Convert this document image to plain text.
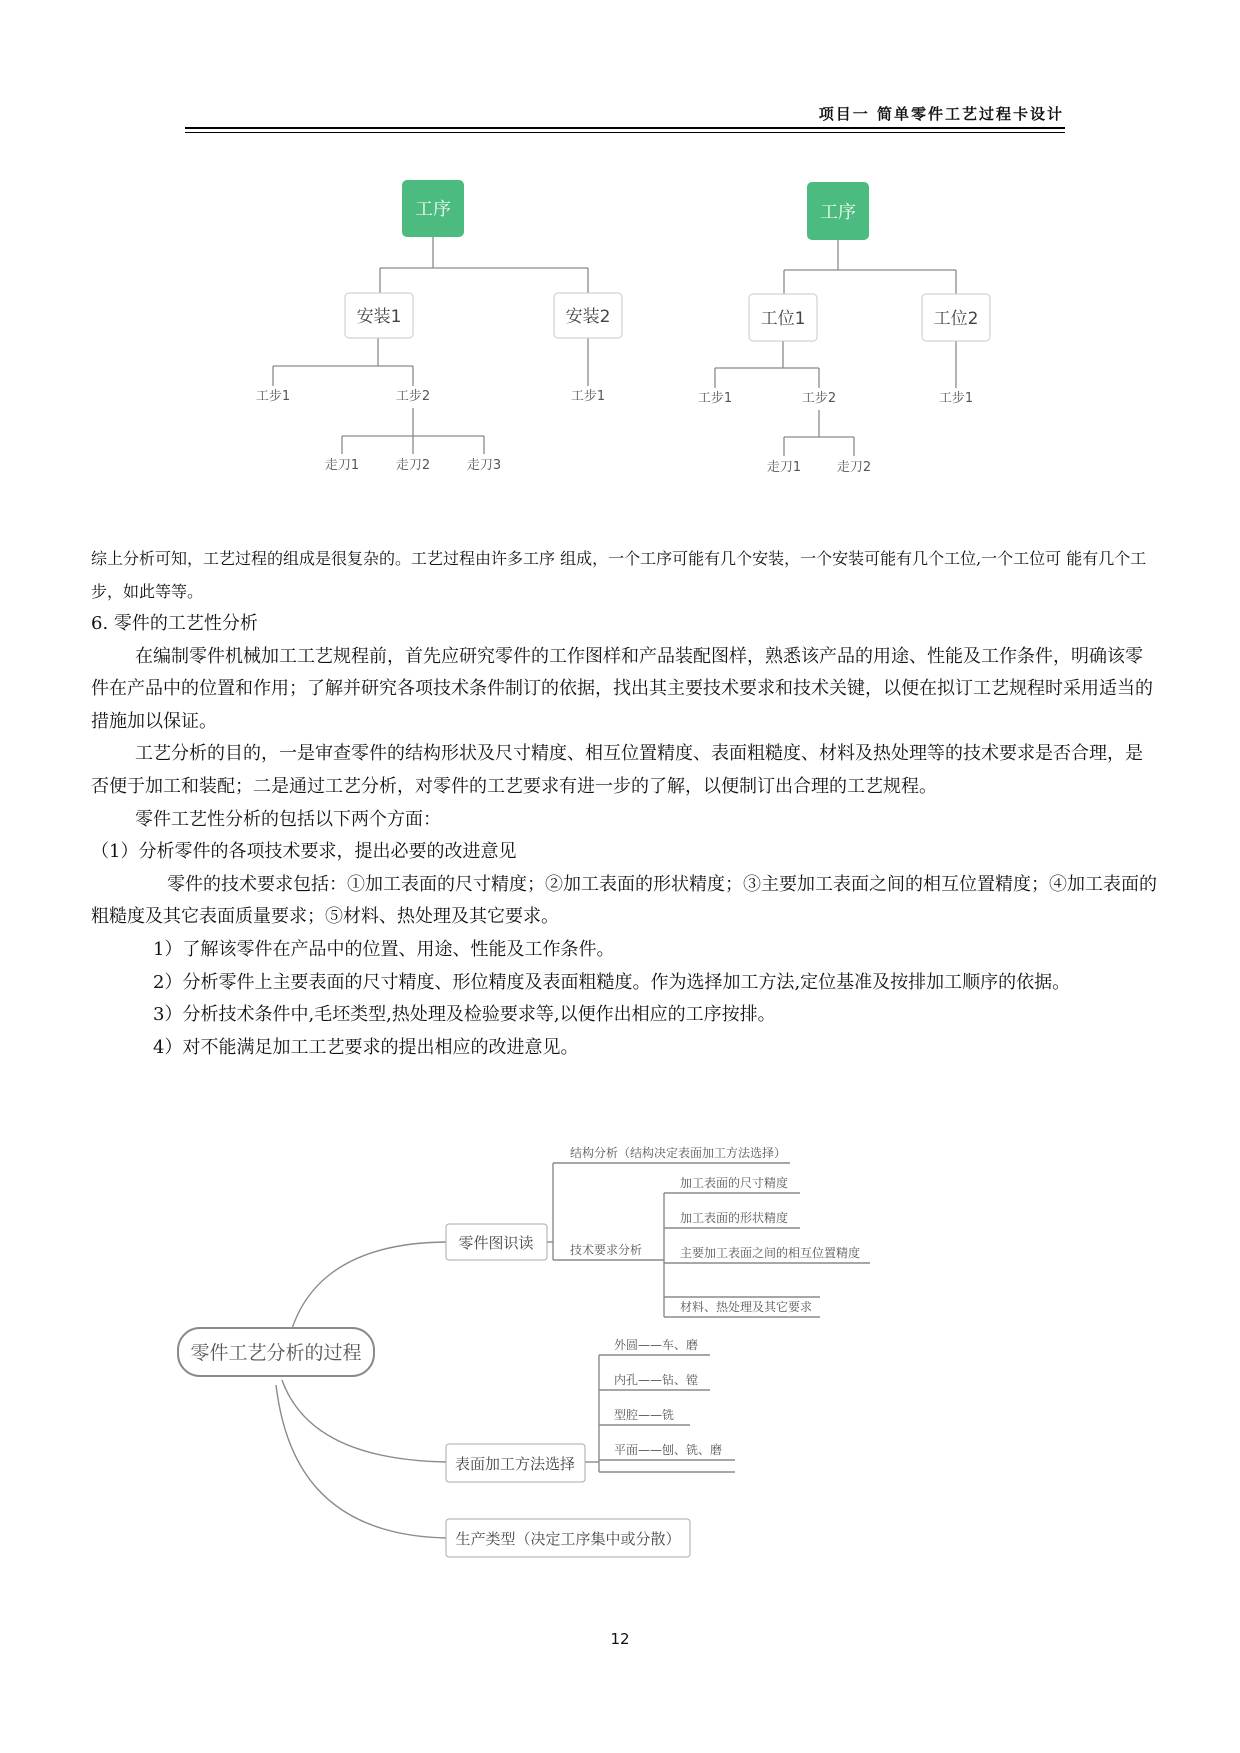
项目一 简单零件工艺过程卡设计
工序
安装1	安装2
工步1	工步2	工步1
走刀1	走刀2	走刀3
工序
工位1	工位2
工步1	工步2	工步1
走刀1	走刀2
综上分析可知，工艺过程的组成是很复杂的。工艺过程由许多工序 组成，一个工序可能有几个安装，一个安装可能有几个工位,一个工位可 能有几个工步，如此等等。

6. 零件的工艺性分析

在编制零件机械加工工艺规程前，首先应研究零件的工作图样和产品装配图样，熟悉该产品的用途、性能及工作条件，明确该零件在产品中的位置和作用；了解并研究各项技术条件制订的依据，找出其主要技术要求和技术关键，以便在拟订工艺规程时采用适当的措施加以保证。

工艺分析的目的，一是审查零件的结构形状及尺寸精度、相互位置精度、表面粗糙度、材料及热处理等的技术要求是否合理，是否便于加工和装配；二是通过工艺分析，对零件的工艺要求有进一步的了解，以便制订出合理的工艺规程。

零件工艺性分析的包括以下两个方面：

（1）分析零件的各项技术要求，提出必要的改进意见

零件的技术要求包括：①加工表面的尺寸精度；②加工表面的形状精度；③主要加工表面之间的相互位置精度；④加工表面的粗糙度及其它表面质量要求；⑤材料、热处理及其它要求。

1）了解该零件在产品中的位置、用途、性能及工作条件。

2）分析零件上主要表面的尺寸精度、形位精度及表面粗糙度。作为选择加工方法,定位基准及按排加工顺序的依据。

3）分析技术条件中,毛坯类型,热处理及检验要求等,以便作出相应的工序按排。

4）对不能满足加工工艺要求的提出相应的改进意见。

零件工艺分析的过程
零件图识读
结构分析（结构决定表面加工方法选择）
技术要求分析
加工表面的尺寸精度
加工表面的形状精度
主要加工表面之间的相互位置精度
材料、热处理及其它要求
表面加工方法选择
外圆——车、磨
内孔——钻、镗
型腔——铣
平面——刨、铣、磨
生产类型（决定工序集中或分散）
12
